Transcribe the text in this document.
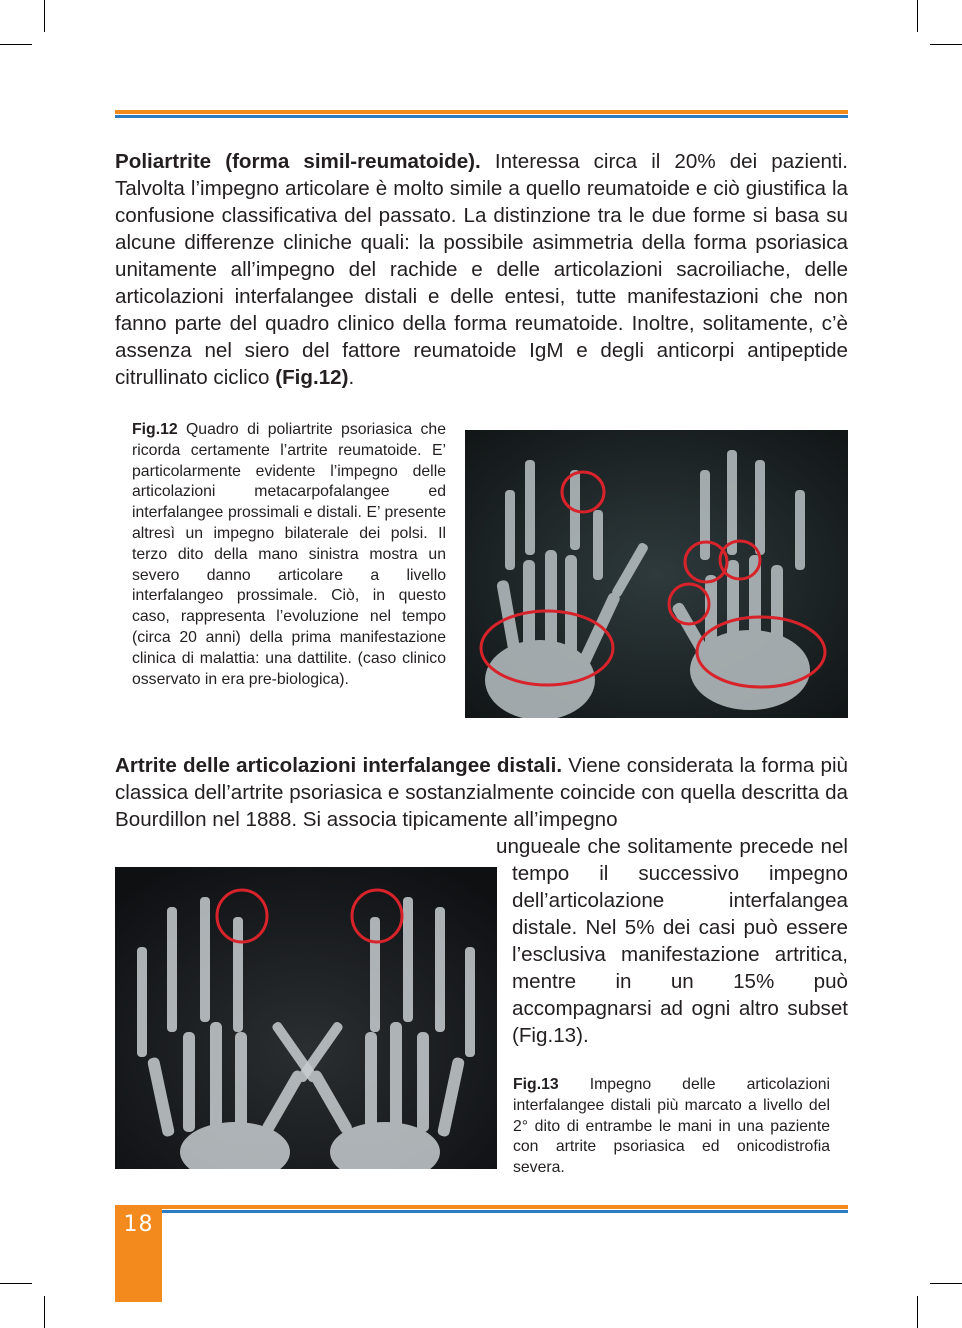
Poliartrite (forma simil-reumatoide). Interessa circa il 20% dei pazienti. Talvolta l’impegno articolare è molto simile a quello reumatoide e ciò giustifica la confusione classificativa del passato. La distinzione tra le due forme si basa su alcune differenze cliniche quali: la possibile asimmetria della forma psoriasica unitamente all’impegno del rachide e delle articolazioni sacroiliache, delle articolazioni interfalangee distali e delle entesi, tutte manifestazioni che non fanno parte del quadro clinico della forma reumatoide. Inoltre, solitamente, c’è assenza nel siero del fattore reumatoide IgM e degli anticorpi antipeptide citrullinato ciclico (Fig.12).

Fig.12 Quadro di poliartrite psoriasica che ricorda certamente l’artrite reumatoide. E’ particolarmente evidente l’impegno delle articolazioni metacarpofalangee ed interfalangee prossimali e distali. E’ presente altresì un impegno bilaterale dei polsi. Il terzo dito della mano sinistra mostra un severo danno articolare a livello interfalangeo prossimale. Ciò, in questo caso, rappresenta l’evoluzione nel tempo (circa 20 anni) della prima manifestazione clinica di malattia: una dattilite. (caso clinico osservato in era pre-biologica).

Artrite delle articolazioni interfalangee distali. Viene considerata la forma più classica dell’artrite psoriasica e sostanzialmente coincide con quella descritta da Bourdillon nel 1888. Si associa tipicamente all’impegno

ungueale che solitamente precede nel tempo il successivo impegno dell’articolazione interfalangea distale. Nel 5% dei casi può essere l’esclusiva manifestazione artritica, mentre in un 15% può accompagnarsi ad ogni altro subset (Fig.13).

Fig.13 Impegno delle articolazioni interfalangee distali più marcato a livello del 2° dito di entrambe le mani in una paziente con artrite psoriasica ed onicodistrofia severa.

18
